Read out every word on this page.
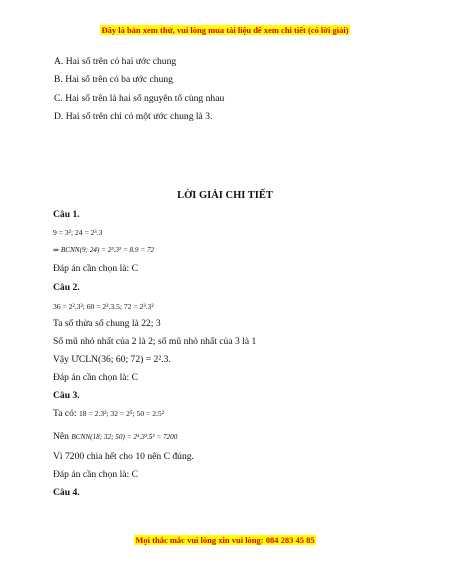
Đây là bản xem thử, vui lòng mua tài liệu để xem chi tiết (có lời giải)
A. Hai số trên có hai ước chung
B. Hai số trên có ba ước chung
C. Hai số trên là hai số nguyên tố cùng nhau
D. Hai số trên chỉ có một ước chung là 3.
LỜI GIẢI CHI TIẾT
Câu 1.
9 = 3²; 24 = 2³.3
⇒ BCNN(9; 24) = 2³.3² = 8.9 = 72
Đáp án cần chọn là: C
Câu 2.
36 = 2².3²; 60 = 2².3.5; 72 = 2³.3²
Ta số thừa số chung là 22; 3
Số mũ nhỏ nhất của 2 là 2; số mũ nhỏ nhất của 3 là 1
Vậy ƯCLN(36; 60; 72) = 2².3.
Đáp án cần chọn là: C
Câu 3.
Ta có: 18 = 2.3²; 32 = 2⁵; 50 = 2.5²
Nên BCNN(18; 32; 50) = 2⁵.3².5² = 7200
Vì 7200 chia hết cho 10 nên C đúng.
Đáp án cần chọn là: C
Câu 4.
Mọi thắc mắc vui lòng xin vui lòng: 084 283 45 85
